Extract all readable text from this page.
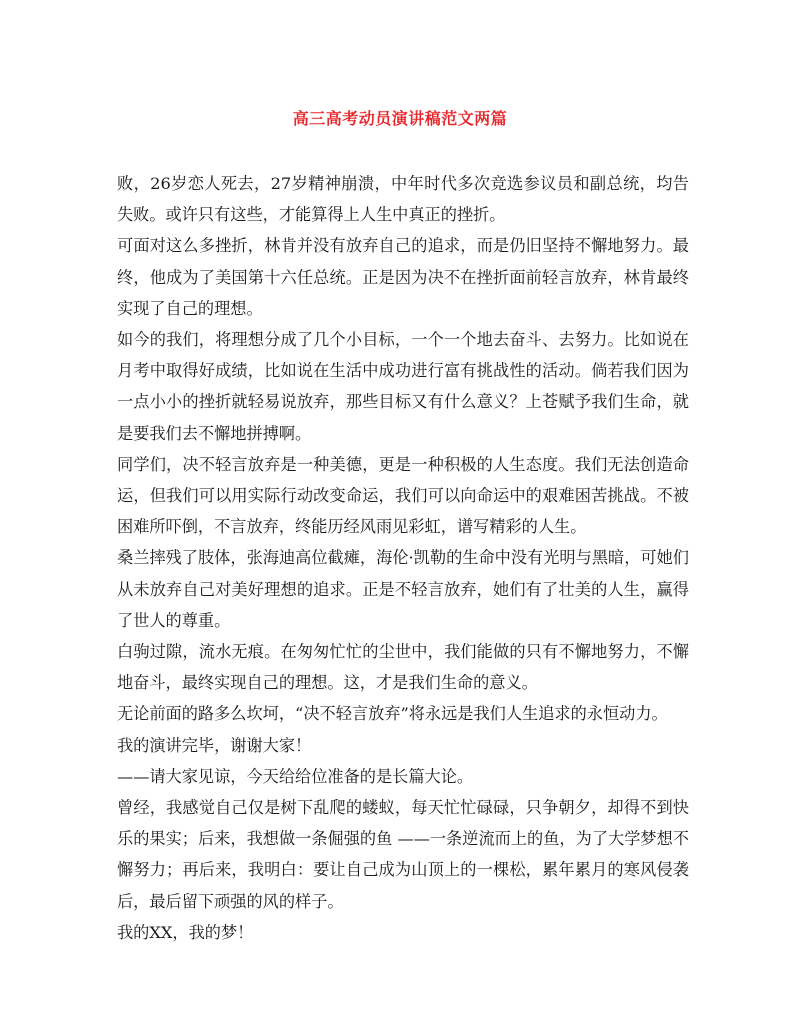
高三高考动员演讲稿范文两篇

败，26岁恋人死去，27岁精神崩溃，中年时代多次竞选参议员和副总统，均告失败。或许只有这些，才能算得上人生中真正的挫折。

可面对这么多挫折，林肯并没有放弃自己的追求，而是仍旧坚持不懈地努力。最终，他成为了美国第十六任总统。正是因为决不在挫折面前轻言放弃，林肯最终实现了自己的理想。

如今的我们，将理想分成了几个小目标，一个一个地去奋斗、去努力。比如说在月考中取得好成绩，比如说在生活中成功进行富有挑战性的活动。倘若我们因为一点小小的挫折就轻易说放弃，那些目标又有什么意义？上苍赋予我们生命，就是要我们去不懈地拼搏啊。

同学们，决不轻言放弃是一种美德，更是一种积极的人生态度。我们无法创造命运，但我们可以用实际行动改变命运，我们可以向命运中的艰难困苦挑战。不被困难所吓倒，不言放弃，终能历经风雨见彩虹，谱写精彩的人生。

桑兰摔残了肢体，张海迪高位截瘫，海伦·凯勒的生命中没有光明与黑暗，可她们从未放弃自己对美好理想的追求。正是不轻言放弃，她们有了壮美的人生，赢得了世人的尊重。

白驹过隙，流水无痕。在匆匆忙忙的尘世中，我们能做的只有不懈地努力，不懈地奋斗，最终实现自己的理想。这，才是我们生命的意义。

无论前面的路多么坎坷，“决不轻言放弃”将永远是我们人生追求的永恒动力。

我的演讲完毕，谢谢大家！

——请大家见谅，今天给给位准备的是长篇大论。

曾经，我感觉自己仅是树下乱爬的蝼蚁，每天忙忙碌碌，只争朝夕，却得不到快乐的果实；后来，我想做一条倔强的鱼 ——一条逆流而上的鱼，为了大学梦想不懈努力；再后来，我明白：要让自己成为山顶上的一棵松，累年累月的寒风侵袭后，最后留下顽强的风的样子。

我的XX，我的梦！
